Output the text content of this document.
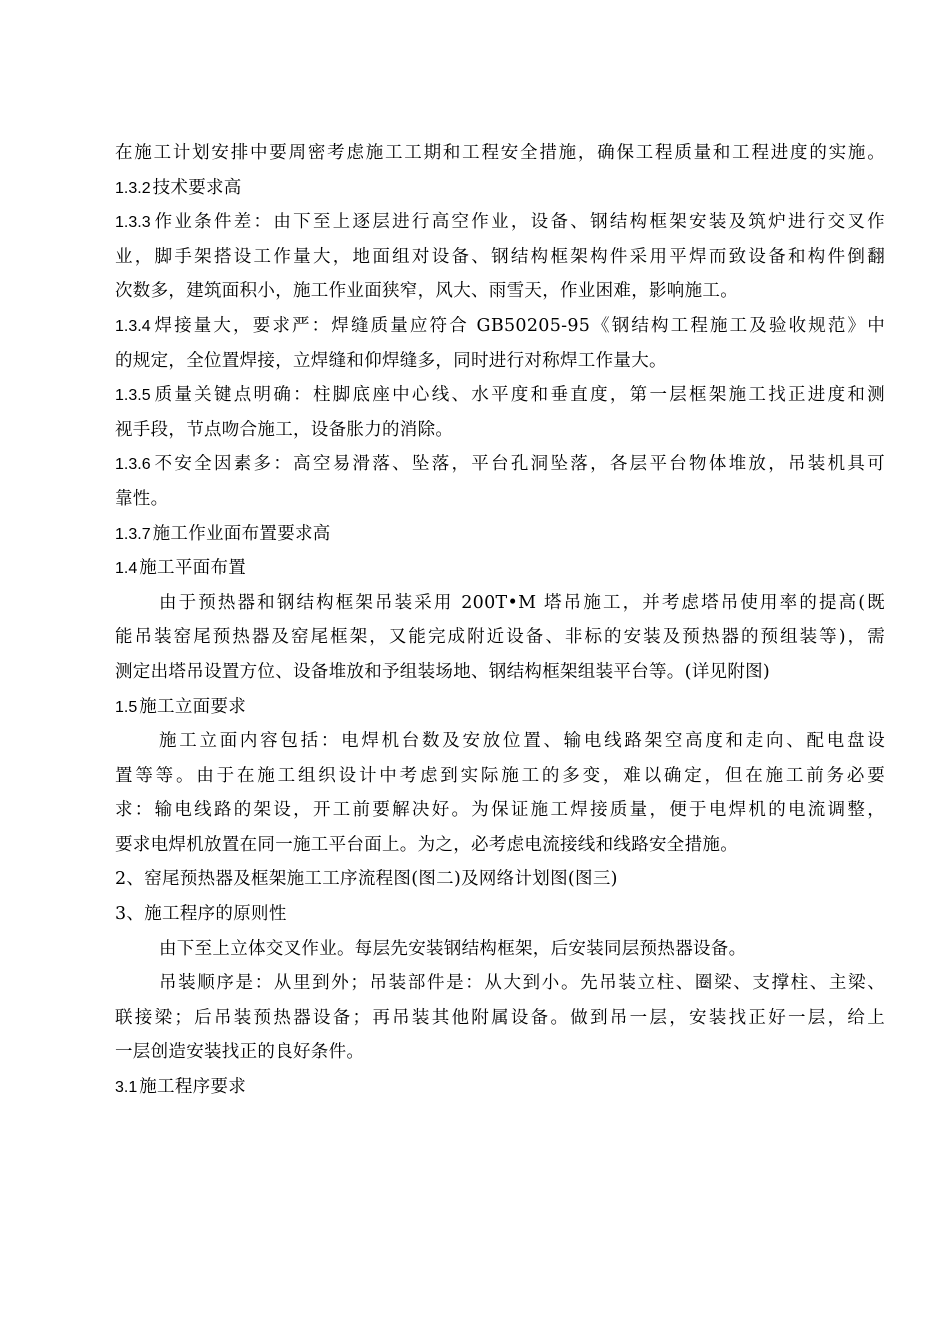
在施工计划安排中要周密考虑施工工期和工程安全措施，确保工程质量和工程进度的实施。
1.3.2 技术要求高
1.3.3 作业条件差：由下至上逐层进行高空作业，设备、钢结构框架安装及筑炉进行交叉作
业，脚手架搭设工作量大，地面组对设备、钢结构框架构件采用平焊而致设备和构件倒翻
次数多，建筑面积小，施工作业面狭窄，风大、雨雪天，作业困难，影响施工。
1.3.4 焊接量大，要求严：焊缝质量应符合 GB50205-95《钢结构工程施工及验收规范》中
的规定，全位置焊接，立焊缝和仰焊缝多，同时进行对称焊工作量大。
1.3.5 质量关键点明确：柱脚底座中心线、水平度和垂直度，第一层框架施工找正进度和测
视手段，节点吻合施工，设备胀力的消除。
1.3.6 不安全因素多：高空易滑落、坠落，平台孔洞坠落，各层平台物体堆放，吊装机具可
靠性。
1.3.7 施工作业面布置要求高
1.4 施工平面布置
由于预热器和钢结构框架吊装采用 200T•M 塔吊施工，并考虑塔吊使用率的提高(既
能吊装窑尾预热器及窑尾框架，又能完成附近设备、非标的安装及预热器的预组装等)，需
测定出塔吊设置方位、设备堆放和予组装场地、钢结构框架组装平台等。(详见附图)
1.5 施工立面要求
施工立面内容包括：电焊机台数及安放位置、输电线路架空高度和走向、配电盘设
置等等。由于在施工组织设计中考虑到实际施工的多变，难以确定，但在施工前务必要
求：输电线路的架设，开工前要解决好。为保证施工焊接质量，便于电焊机的电流调整，
要求电焊机放置在同一施工平台面上。为之，必考虑电流接线和线路安全措施。
2、窑尾预热器及框架施工工序流程图(图二)及网络计划图(图三)
3、施工程序的原则性
由下至上立体交叉作业。每层先安装钢结构框架，后安装同层预热器设备。
吊装顺序是：从里到外；吊装部件是：从大到小。先吊装立柱、圈梁、支撑柱、主梁、
联接梁；后吊装预热器设备；再吊装其他附属设备。做到吊一层，安装找正好一层，给上
一层创造安装找正的良好条件。
3.1 施工程序要求
